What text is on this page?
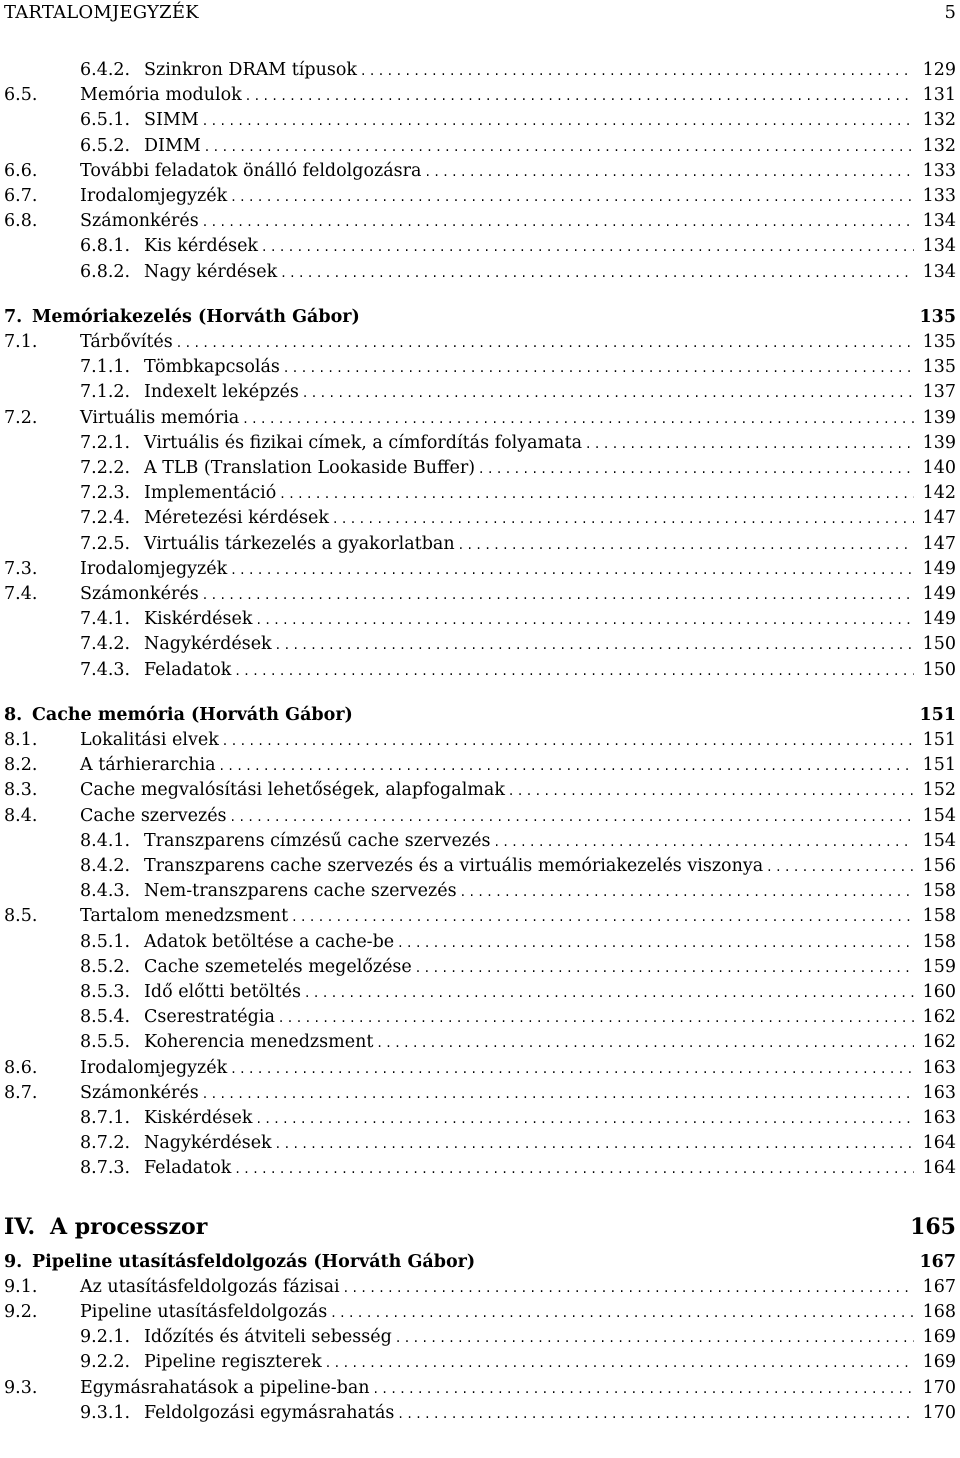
TARTALOMJEGYZÉK	5
6.4.2. Szinkron DRAM típusok . . .	129
6.5.	Memória modulok . . .	131
6.5.1. SIMM . . .	132
6.5.2. DIMM . . .	132
6.6.	További feladatok önálló feldolgozásra . . .	133
6.7.	Irodalomjegyzék . . .	133
6.8.	Számonkérés . . .	134
6.8.1. Kis kérdések . . .	134
6.8.2. Nagy kérdések . . .	134
7. Memóriakezelés (Horváth Gábor)	135
7.1.	Tárbővítés . . .	135
7.1.1. Tömbkapcsolás . . .	135
7.1.2. Indexelt leképzés . . .	137
7.2.	Virtuális memória . . .	139
7.2.1. Virtuális és fizikai címek, a címfordítás folyamata . . .	139
7.2.2. A TLB (Translation Lookaside Buffer) . . .	140
7.2.3. Implementáció . . .	142
7.2.4. Méretezési kérdések . . .	147
7.2.5. Virtuális tárkezelés a gyakorlatban . . .	147
7.3.	Irodalomjegyzék . . .	149
7.4.	Számonkérés . . .	149
7.4.1. Kiskérdések . . .	149
7.4.2. Nagykérdések . . .	150
7.4.3. Feladatok . . .	150
8. Cache memória (Horváth Gábor)	151
8.1.	Lokalitási elvek . . .	151
8.2.	A tárhierarchia . . .	151
8.3.	Cache megvalósítási lehetőségek, alapfogalmak . . .	152
8.4.	Cache szervezés . . .	154
8.4.1. Transzparens címzésű cache szervezés . . .	154
8.4.2. Transzparens cache szervezés és a virtuális memóriakezelés viszonya . . .	156
8.4.3. Nem-transzparens cache szervezés . . .	158
8.5.	Tartalom menedzsment . . .	158
8.5.1. Adatok betöltése a cache-be . . .	158
8.5.2. Cache szemetelés megelőzése . . .	159
8.5.3. Idő előtti betöltés . . .	160
8.5.4. Cserestratégia . . .	162
8.5.5. Koherencia menedzsment . . .	162
8.6.	Irodalomjegyzék . . .	163
8.7.	Számonkérés . . .	163
8.7.1. Kiskérdések . . .	163
8.7.2. Nagykérdések . . .	164
8.7.3. Feladatok . . .	164
IV. A processzor	165
9. Pipeline utasításfeldolgozás (Horváth Gábor)	167
9.1.	Az utasításfeldolgozás fázisai . . .	167
9.2.	Pipeline utasításfeldolgozás . . .	168
9.2.1. Időzítés és átviteli sebesség . . .	169
9.2.2. Pipeline regiszterek . . .	169
9.3.	Egymásrahatások a pipeline-ban . . .	170
9.3.1. Feldolgozási egymásrahatás . . .	170
